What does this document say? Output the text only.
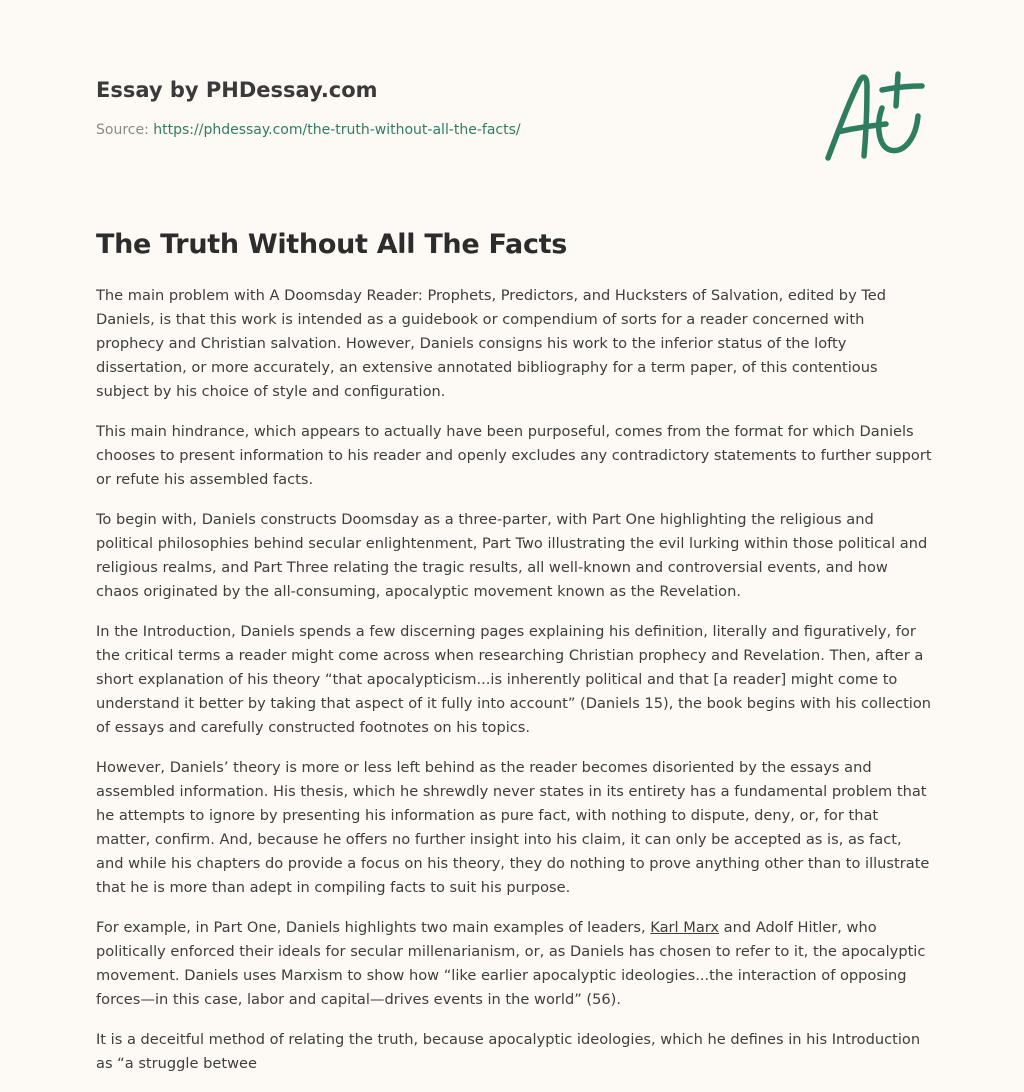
Essay by PHDessay.com
Source: https://phdessay.com/the-truth-without-all-the-facts/
The Truth Without All The Facts

The main problem with A Doomsday Reader: Prophets, Predictors, and Hucksters of Salvation, edited by Ted Daniels, is that this work is intended as a guidebook or compendium of sorts for a reader concerned with prophecy and Christian salvation. However, Daniels consigns his work to the inferior status of the lofty dissertation, or more accurately, an extensive annotated bibliography for a term paper, of this contentious subject by his choice of style and configuration.

This main hindrance, which appears to actually have been purposeful, comes from the format for which Daniels chooses to present information to his reader and openly excludes any contradictory statements to further support or refute his assembled facts.

To begin with, Daniels constructs Doomsday as a three-parter, with Part One highlighting the religious and political philosophies behind secular enlightenment, Part Two illustrating the evil lurking within those political and religious realms, and Part Three relating the tragic results, all well-known and controversial events, and how chaos originated by the all-consuming, apocalyptic movement known as the Revelation.

In the Introduction, Daniels spends a few discerning pages explaining his definition, literally and figuratively, for the critical terms a reader might come across when researching Christian prophecy and Revelation. Then, after a short explanation of his theory “that apocalypticism...is inherently political and that [a reader] might come to understand it better by taking that aspect of it fully into account” (Daniels 15), the book begins with his collection of essays and carefully constructed footnotes on his topics.

However, Daniels’ theory is more or less left behind as the reader becomes disoriented by the essays and assembled information. His thesis, which he shrewdly never states in its entirety has a fundamental problem that he attempts to ignore by presenting his information as pure fact, with nothing to dispute, deny, or, for that matter, confirm. And, because he offers no further insight into his claim, it can only be accepted as is, as fact, and while his chapters do provide a focus on his theory, they do nothing to prove anything other than to illustrate that he is more than adept in compiling facts to suit his purpose.

For example, in Part One, Daniels highlights two main examples of leaders, Karl Marx and Adolf Hitler, who politically enforced their ideals for secular millenarianism, or, as Daniels has chosen to refer to it, the apocalyptic movement. Daniels uses Marxism to show how “like earlier apocalyptic ideologies...the interaction of opposing forces—in this case, labor and capital—drives events in the world” (56).

It is a deceitful method of relating the truth, because apocalyptic ideologies, which he defines in his Introduction as “a struggle betwee
